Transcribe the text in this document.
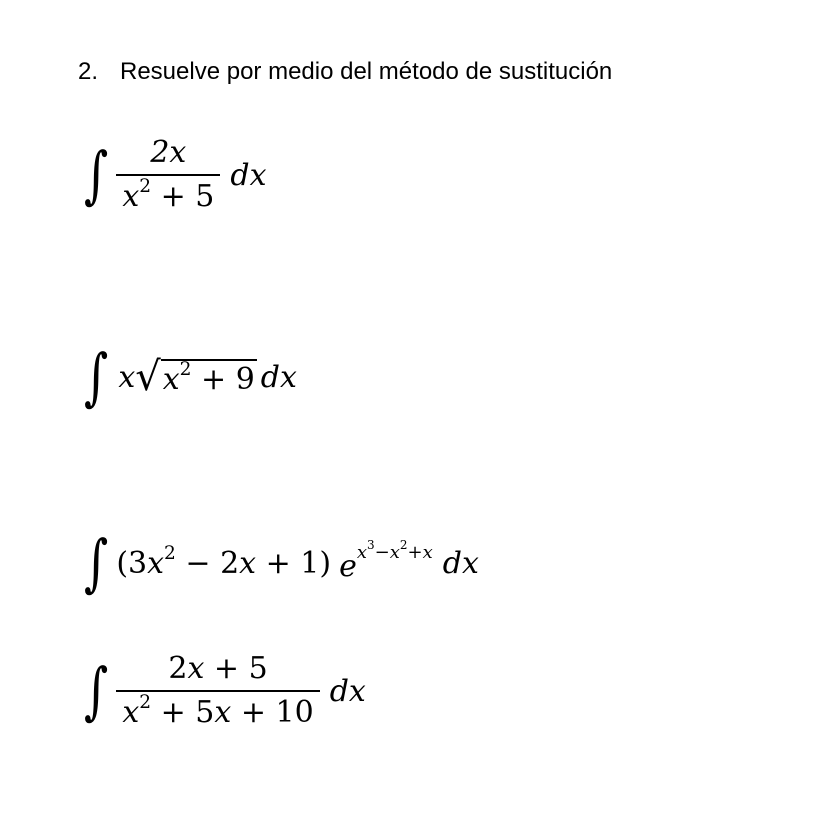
2. Resuelve por medio del método de sustitución
∫ $\frac{2x}{x^2 + 5}$ dx
∫ x √ $x^2 + 9$ dx
∫ $(3x^2 - 2x + 1)$ $e^{x^3-x^2+x}$ dx
∫ $\frac{2x + 5}{x^2 + 5x + 10}$ dx
